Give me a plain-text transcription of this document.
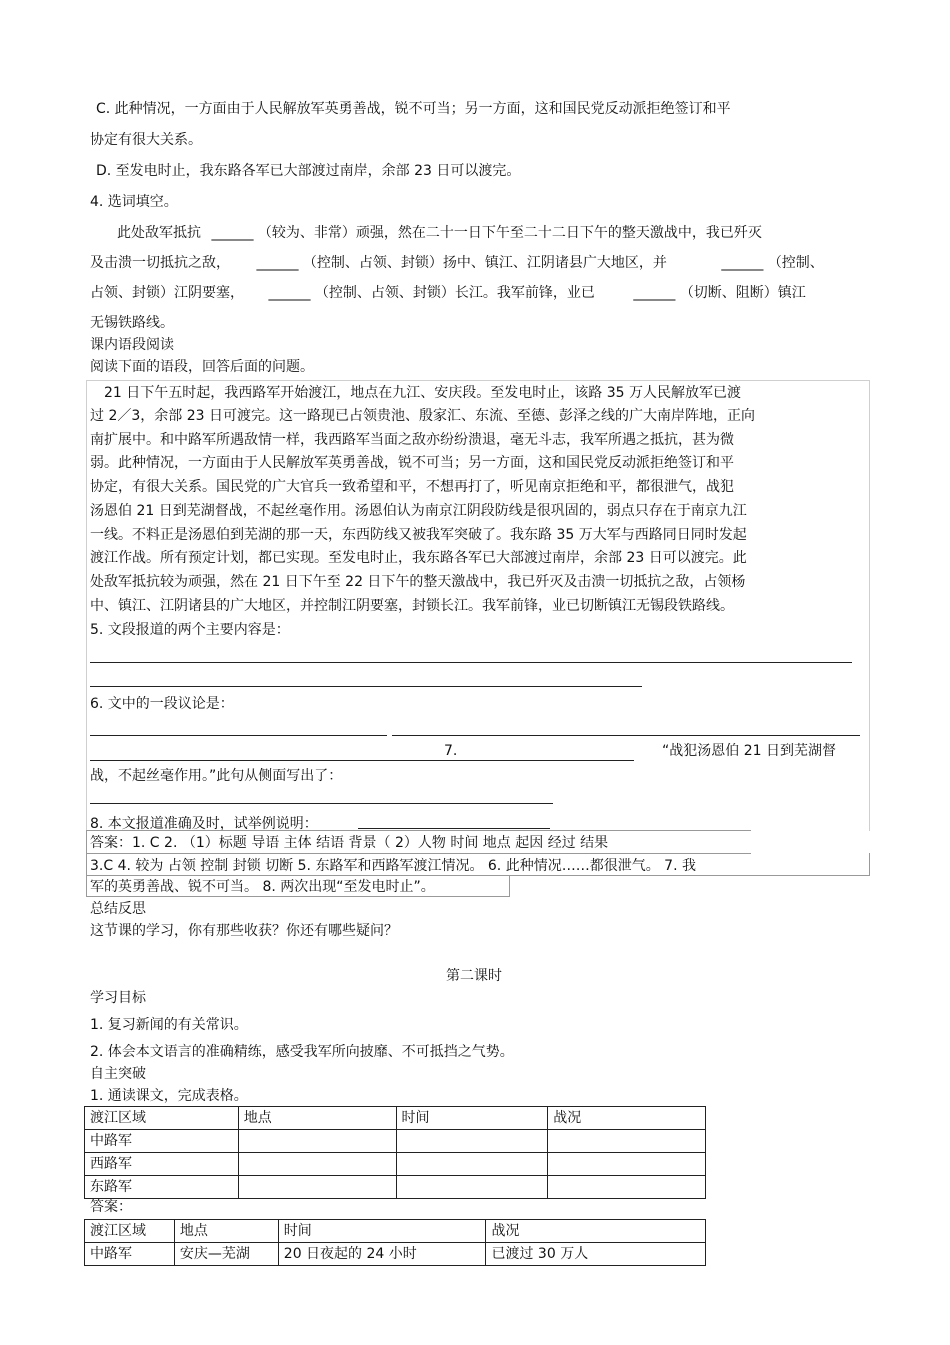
C. 此种情况，一方面由于人民解放军英勇善战，锐不可当；另一方面，这和国民党反动派拒绝签订和平
协定有很大关系。
D. 至发电时止，我东路各军已大部渡过南岸，余部 23 日可以渡完。
4. 选词填空。
此处敌军抵抗 ______ （较为、非常）顽强，然在二十一日下午至二十二日下午的整天激战中，我已歼灭
及击溃一切抵抗之敌， ______ （控制、占领、封锁）扬中、镇江、江阴诸县广大地区，并	______ （控制、
占领、封锁）江阴要塞， ______ （控制、占领、封锁）长江。我军前锋，业已	______ （切断、阻断）镇江
无锡铁路线。
课内语段阅读
阅读下面的语段，回答后面的问题。
21 日下午五时起，我西路军开始渡江，地点在九江、安庆段。至发电时止，该路 35 万人民解放军已渡
过 2／3，余部 23 日可渡完。这一路现已占领贵池、殷家汇、东流、至德、彭泽之线的广大南岸阵地，正向
南扩展中。和中路军所遇敌情一样，我西路军当面之敌亦纷纷溃退，毫无斗志，我军所遇之抵抗，甚为微
弱。此种情况，一方面由于人民解放军英勇善战，锐不可当；另一方面，这和国民党反动派拒绝签订和平
协定，有很大关系。国民党的广大官兵一致希望和平，不想再打了，听见南京拒绝和平，都很泄气，战犯
汤恩伯 21 日到芜湖督战，不起丝毫作用。汤恩伯认为南京江阴段防线是很巩固的，弱点只存在于南京九江
一线。不料正是汤恩伯到芜湖的那一天，东西防线又被我军突破了。我东路 35 万大军与西路同日同时发起
渡江作战。所有预定计划，都已实现。至发电时止，我东路各军已大部渡过南岸，余部 23 日可以渡完。此
处敌军抵抗较为顽强，然在 21 日下午至 22 日下午的整天激战中，我已歼灭及击溃一切抵抗之敌，占领杨
中、镇江、江阴诸县的广大地区，并控制江阴要塞，封锁长江。我军前锋，业已切断镇江无锡段铁路线。
5. 文段报道的两个主要内容是：
6. 文中的一段议论是：
7.	“战犯汤恩伯 21 日到芜湖督
战，不起丝毫作用。”此句从侧面写出了：
8. 本文报道准确及时，试举例说明：
答案：1. C 2. （1）标题 导语 主体 结语 背景（ 2）人物 时间 地点 起因 经过 结果
3.C 4. 较为 占领 控制 封锁 切断 5. 东路军和西路军渡江情况。 6. 此种情况……都很泄气。 7. 我
军的英勇善战、锐不可当。 8. 两次出现“至发电时止”。
总结反思
这节课的学习，你有那些收获？你还有哪些疑问？
第二课时
学习目标
1. 复习新闻的有关常识。
2. 体会本文语言的准确精练，感受我军所向披靡、不可抵挡之气势。
自主突破
1. 通读课文，完成表格。
渡江区域	地点	时间	战况
中路军			
西路军			
东路军			
答案：
渡江区域	地点	时间	战况
中路军	安庆—芜湖	20 日夜起的 24 小时	已渡过 30 万人
